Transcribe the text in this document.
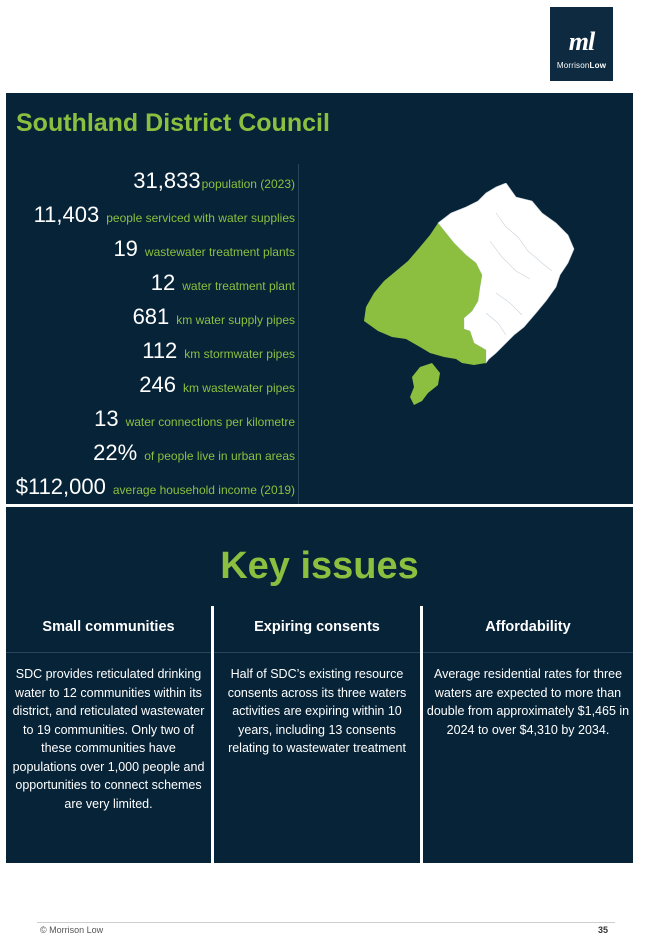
ml
MorrisonLow
Southland District Council
31,833 population (2023)
11,403 people serviced with water supplies
19 wastewater treatment plants
12 water treatment plant
681 km water supply pipes
112 km stormwater pipes
246 km wastewater pipes
13 water connections per kilometre
22% of people live in urban areas
$112,000 average household income (2019)
Key issues
Small communities
SDC provides reticulated drinking water to 12 communities within its district, and reticulated wastewater to 19 communities. Only two of these communities have populations over 1,000 people and opportunities to connect schemes are very limited.
Expiring consents
Half of SDC’s existing resource consents across its three waters activities are expiring within 10 years, including 13 consents relating to wastewater treatment
Affordability
Average residential rates for three waters are expected to more than double from approximately $1,465 in 2024 to over $4,310 by 2034.
© Morrison Low	35
